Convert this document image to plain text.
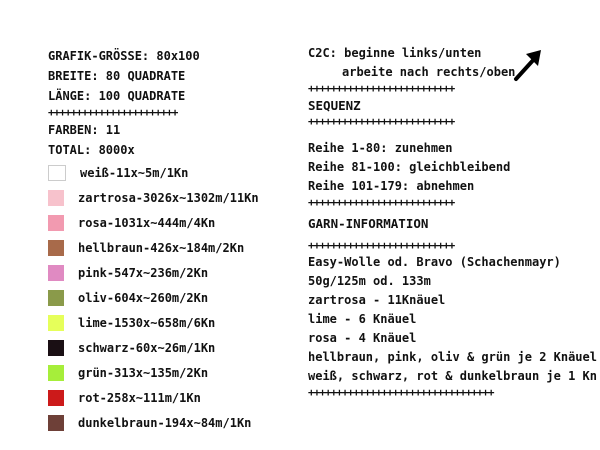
GRAFIK-GRÖSSE: 80x100
BREITE: 80 QUADRATE
LÄNGE: 100 QUADRATE
+++++++++++++++++++++++
FARBEN: 11
TOTAL: 8000x
weiß-11x~5m/1Kn
zartrosa-3026x~1302m/11Kn
rosa-1031x~444m/4Kn
hellbraun-426x~184m/2Kn
pink-547x~236m/2Kn
oliv-604x~260m/2Kn
lime-1530x~658m/6Kn
schwarz-60x~26m/1Kn
grün-313x~135m/2Kn
rot-258x~111m/1Kn
dunkelbraun-194x~84m/1Kn
C2C: beginne links/unten
arbeite nach rechts/oben
++++++++++++++++++++++++++
SEQUENZ
++++++++++++++++++++++++++
Reihe 1-80: zunehmen
Reihe 81-100: gleichbleibend
Reihe 101-179: abnehmen
++++++++++++++++++++++++++
GARN-INFORMATION
++++++++++++++++++++++++++
Easy-Wolle od. Bravo (Schachenmayr)
50g/125m od. 133m
zartrosa - 11Knäuel
lime - 6 Knäuel
rosa - 4 Knäuel
hellbraun, pink, oliv & grün je 2 Knäuel
weiß, schwarz, rot & dunkelbraun je 1 Kn
+++++++++++++++++++++++++++++++++
